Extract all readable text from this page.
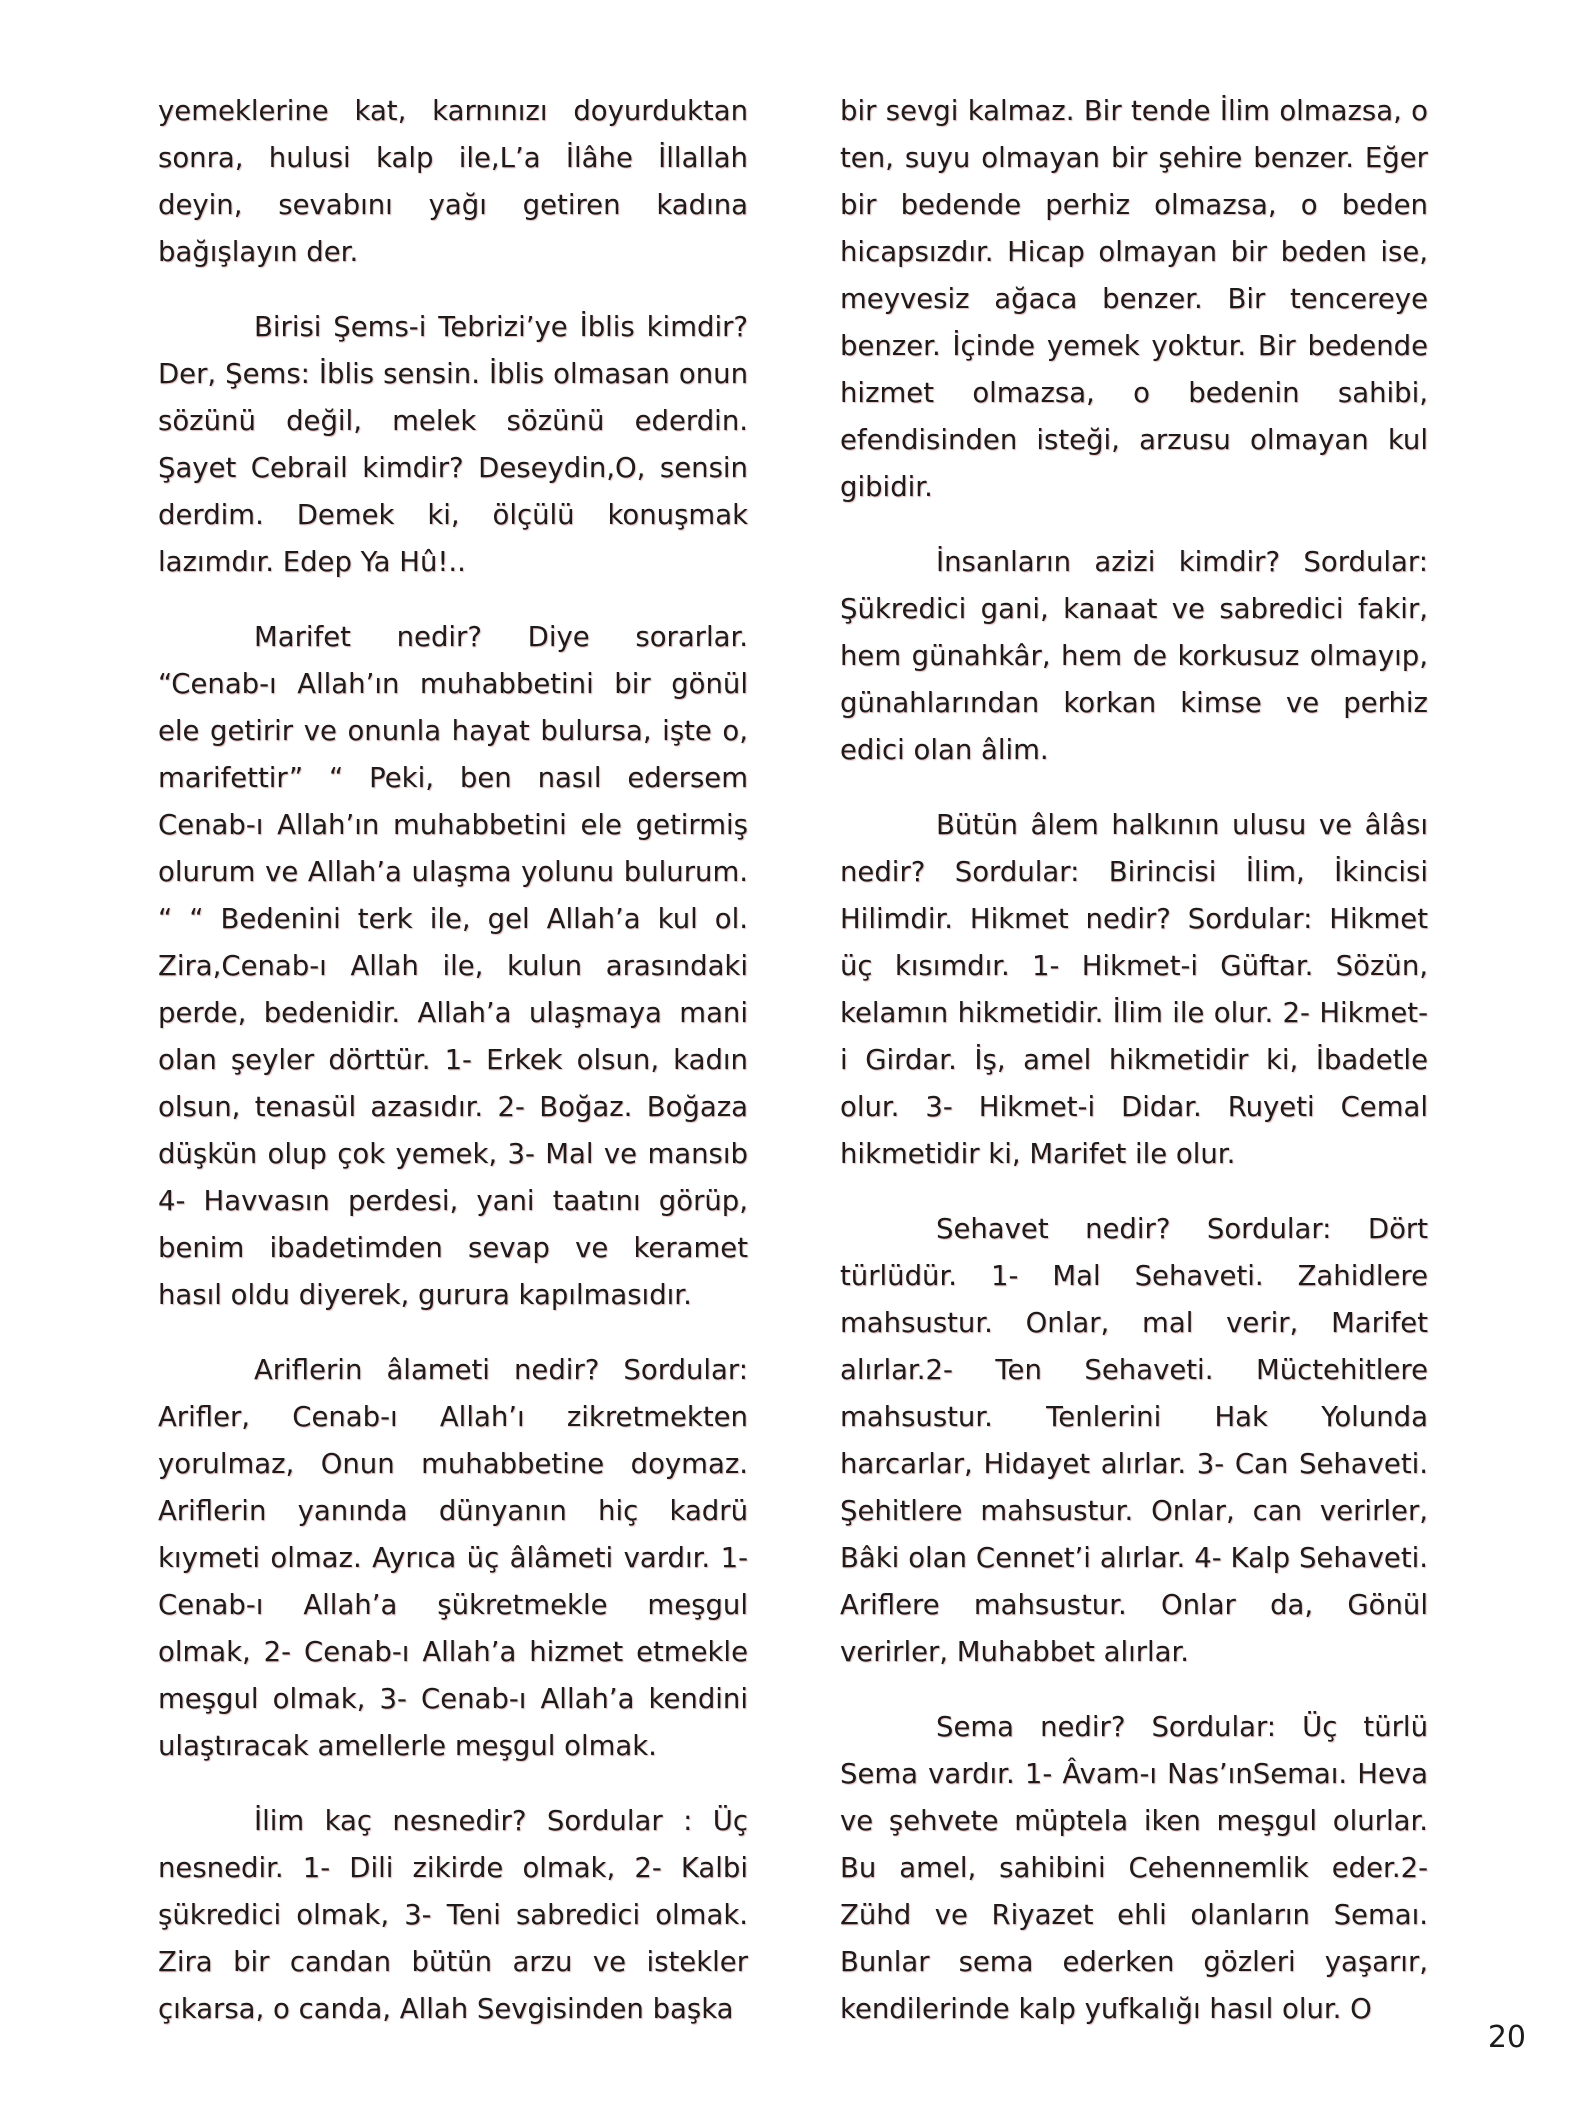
yemeklerine kat, karnınızı doyurduktan sonra, hulusi kalp ile,L’a İlâhe İllallah deyin, sevabını yağı getiren kadına bağışlayın der.

Birisi Şems-i Tebrizi’ye İblis kimdir? Der, Şems: İblis sensin. İblis olmasan onun sözünü değil, melek sözünü ederdin. Şayet Cebrail kimdir? Deseydin,O, sensin derdim. Demek ki, ölçülü konuşmak lazımdır. Edep Ya Hû!..

Marifet nedir? Diye sorarlar. “Cenab-ı Allah’ın muhabbetini bir gönül ele getirir ve onunla hayat bulursa, işte o, marifettir” “ Peki, ben nasıl edersem Cenab-ı Allah’ın muhabbetini ele getirmiş olurum ve Allah’a ulaşma yolunu bulurum. “ “ Bedenini terk ile, gel Allah’a kul ol. Zira,Cenab-ı Allah ile, kulun arasındaki perde, bedenidir. Allah’a ulaşmaya mani olan şeyler dörttür. 1- Erkek olsun, kadın olsun, tenasül azasıdır. 2- Boğaz. Boğaza düşkün olup çok yemek, 3- Mal ve mansıb 4- Havvasın perdesi, yani taatını görüp, benim ibadetimden sevap ve keramet hasıl oldu diyerek, gurura kapılmasıdır.

Ariflerin âlameti nedir? Sordular: Arifler, Cenab-ı Allah’ı zikretmekten yorulmaz, Onun muhabbetine doymaz. Ariflerin yanında dünyanın hiç kadrü kıymeti olmaz. Ayrıca üç âlâmeti vardır. 1- Cenab-ı Allah’a şükretmekle meşgul olmak, 2- Cenab-ı Allah’a hizmet etmekle meşgul olmak, 3- Cenab-ı Allah’a kendini ulaştıracak amellerle meşgul olmak.

İlim kaç nesnedir? Sordular : Üç nesnedir. 1- Dili zikirde olmak, 2- Kalbi şükredici olmak, 3- Teni sabredici olmak. Zira bir candan bütün arzu ve istekler çıkarsa, o canda, Allah Sevgisinden başka

bir sevgi kalmaz. Bir tende İlim olmazsa, o ten, suyu olmayan bir şehire benzer. Eğer bir bedende perhiz olmazsa, o beden hicapsızdır. Hicap olmayan bir beden ise, meyvesiz ağaca benzer. Bir tencereye benzer. İçinde yemek yoktur. Bir bedende hizmet olmazsa, o bedenin sahibi, efendisinden isteği, arzusu olmayan kul gibidir.

İnsanların azizi kimdir? Sordular: Şükredici gani, kanaat ve sabredici fakir, hem günahkâr, hem de korkusuz olmayıp, günahlarından korkan kimse ve perhiz edici olan âlim.

Bütün âlem halkının ulusu ve âlâsı nedir? Sordular: Birincisi İlim, İkincisi Hilimdir. Hikmet nedir? Sordular: Hikmet üç kısımdır. 1- Hikmet-i Güftar. Sözün, kelamın hikmetidir. İlim ile olur. 2- Hikmet-i Girdar. İş, amel hikmetidir ki, İbadetle olur. 3- Hikmet-i Didar. Ruyeti Cemal hikmetidir ki, Marifet ile olur.

Sehavet nedir? Sordular: Dört türlüdür. 1- Mal Sehaveti. Zahidlere mahsustur. Onlar, mal verir, Marifet alırlar.2- Ten Sehaveti. Müctehitlere mahsustur. Tenlerini Hak Yolunda harcarlar, Hidayet alırlar. 3- Can Sehaveti. Şehitlere mahsustur. Onlar, can verirler, Bâki olan Cennet’i alırlar. 4- Kalp Sehaveti. Ariflere mahsustur. Onlar da, Gönül verirler, Muhabbet alırlar.

Sema nedir? Sordular: Üç türlü Sema vardır. 1- Âvam-ı Nas’ınSemaı. Heva ve şehvete müptela iken meşgul olurlar. Bu amel, sahibini Cehennemlik eder.2- Zühd ve Riyazet ehli olanların Semaı. Bunlar sema ederken gözleri yaşarır, kendilerinde kalp yufkalığı hasıl olur. O

20
